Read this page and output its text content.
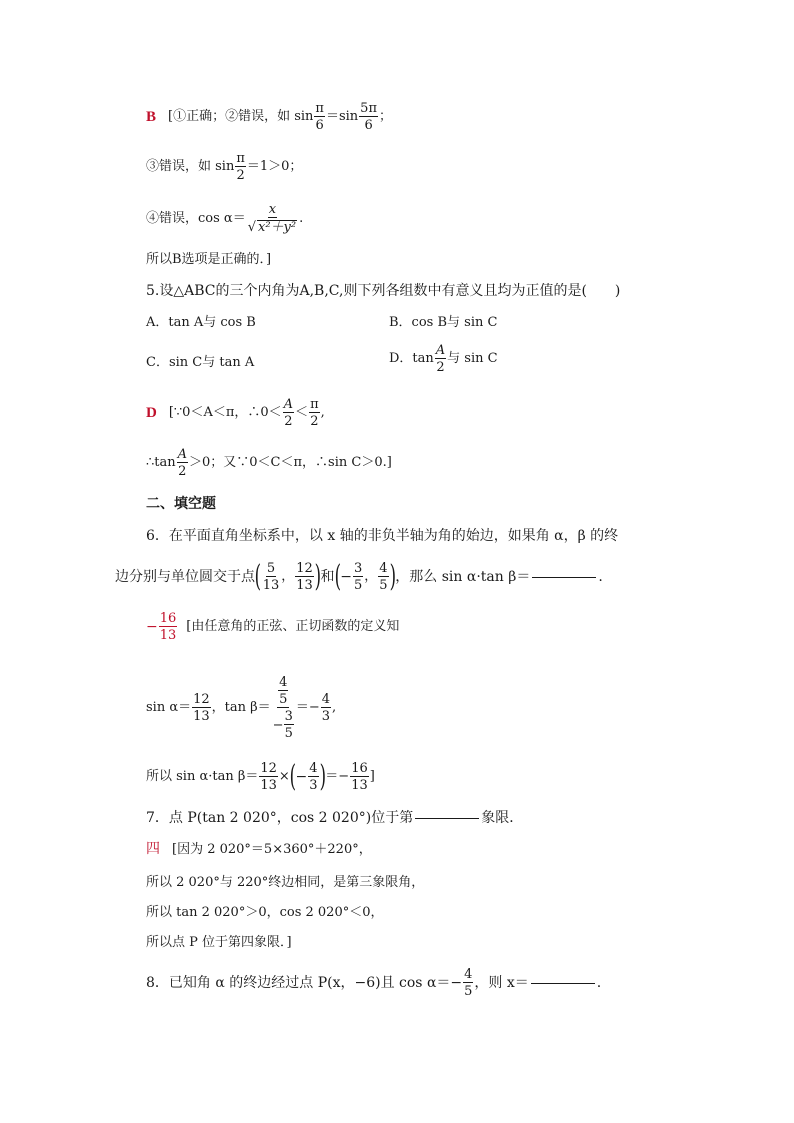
B [①正确；②错误，如 sin
π
6
＝sin
5π
6
；
③错误，如 sin
π
2
＝1＞0；
④错误，cos α＝
x
√ x²＋y²
.
所以B选项是正确的．]
5.设△ABC的三个内角为A,B,C,则下列各组数中有意义且均为正值的是(　　)
A．tan A与 cos B	B．cos B与 sin C
C．sin C与 tan A	D．tan
A
2
与 sin C
D [∵0＜A＜π，∴0＜
A
2
＜
π
2
,
∴tan
A
2
＞0；又∵0＜C＜π，∴sin C＞0.]
二、填空题
6．在平面直角坐标系中，以 x 轴的非负半轴为角的始边，如果角 α，β 的终
边分别与单位圆交于点 ( 5
13
，
12
13 ) 和 ( − $\frac{3}{5}$ ，
4
5 ) ，那么 sin α·tan β＝	.
− $\frac{16}{13}$ [由任意角的正弦、正切函数的定义知
sin α＝
12
13
，tan β＝
4
5
− $\frac{3}{5}$
＝− $\frac{4}{3}$ ,
所以 sin α·tan $\beta= \frac{12}{13}$ × ( − $\frac{4}{3}$ ) ＝− $\frac{16}{13}$ ]
7．点 P(tan 2 020°，cos 2 020°)位于第	象限．
四 [因为 2 020°＝5×360°＋220°，
所以 2 020°与 220°终边相同，是第三象限角，
所以 tan 2 020°＞0，cos 2 020°＜0，
所以点 P 位于第四象限．]
8．已知角 α 的终边经过点 P(x，−6)且 $\cos \alpha=- \frac{4}{5}$ ，则 x＝	.
